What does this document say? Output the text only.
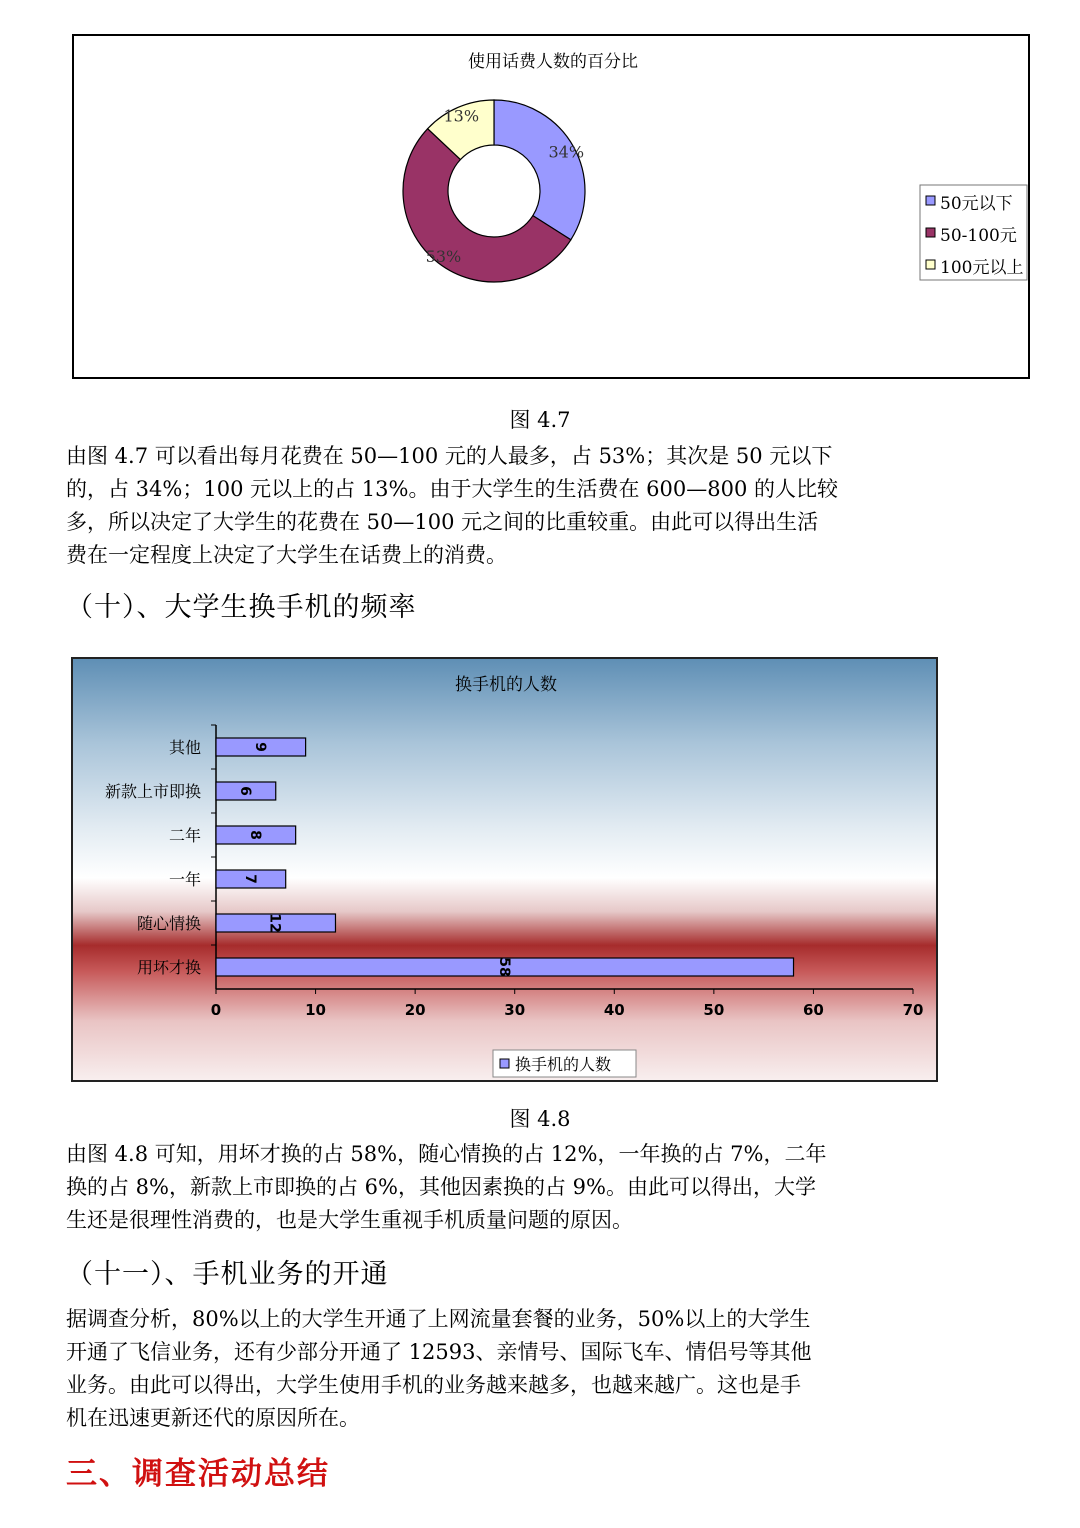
使用话费人数的百分比
34%
53%
13%
50元以下
50-100元
100元以上
图 4.7
由图 4.7 可以看出每月花费在 50—100 元的人最多，占 53%；其次是 50 元以下
的，占 34%；100 元以上的占 13%。由于大学生的生活费在 600—800 的人比较
多，所以决定了大学生的花费在 50—100 元之间的比重较重。由此可以得出生活
费在一定程度上决定了大学生在话费上的消费。
（十）、大学生换手机的频率
换手机的人数
0	10	20	30	40	50	60	70
其他	9
新款上市即换	6
二年	8
一年	7
随心情换	12
用坏才换	58
换手机的人数
图 4.8
由图 4.8 可知，用坏才换的占 58%，随心情换的占 12%，一年换的占 7%，二年
换的占 8%，新款上市即换的占 6%，其他因素换的占 9%。由此可以得出，大学
生还是很理性消费的，也是大学生重视手机质量问题的原因。
（十一）、手机业务的开通
据调查分析，80%以上的大学生开通了上网流量套餐的业务，50%以上的大学生
开通了飞信业务，还有少部分开通了 12593、亲情号、国际飞车、情侣号等其他
业务。由此可以得出，大学生使用手机的业务越来越多，也越来越广。这也是手
机在迅速更新还代的原因所在。
三、调查活动总结
